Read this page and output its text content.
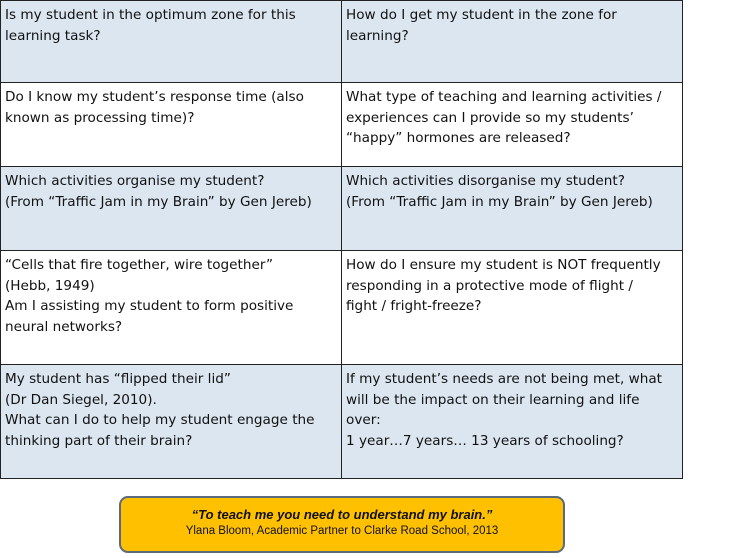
Is my student in the optimum zone for this
learning task?	How do I get my student in the zone for
learning?

Do I know my student’s response time (also
known as processing time)?	What type of teaching and learning activities /
experiences can I provide so my students’
“happy” hormones are released?

Which activities organise my student?
(From “Traffic Jam in my Brain” by Gen Jereb)	Which activities disorganise my student?
(From “Traffic Jam in my Brain” by Gen Jereb)

“Cells that fire together, wire together”
(Hebb, 1949)
Am I assisting my student to form positive
neural networks?	How do I ensure my student is NOT frequently
responding in a protective mode of flight /
fight / fright-freeze?

My student has “flipped their lid”
(Dr Dan Siegel, 2010).
What can I do to help my student engage the
thinking part of their brain?	If my student’s needs are not being met, what
will be the impact on their learning and life
over:
1 year…7 years… 13 years of schooling?
“To teach me you need to understand my brain.”
Ylana Bloom, Academic Partner to Clarke Road School, 2013
